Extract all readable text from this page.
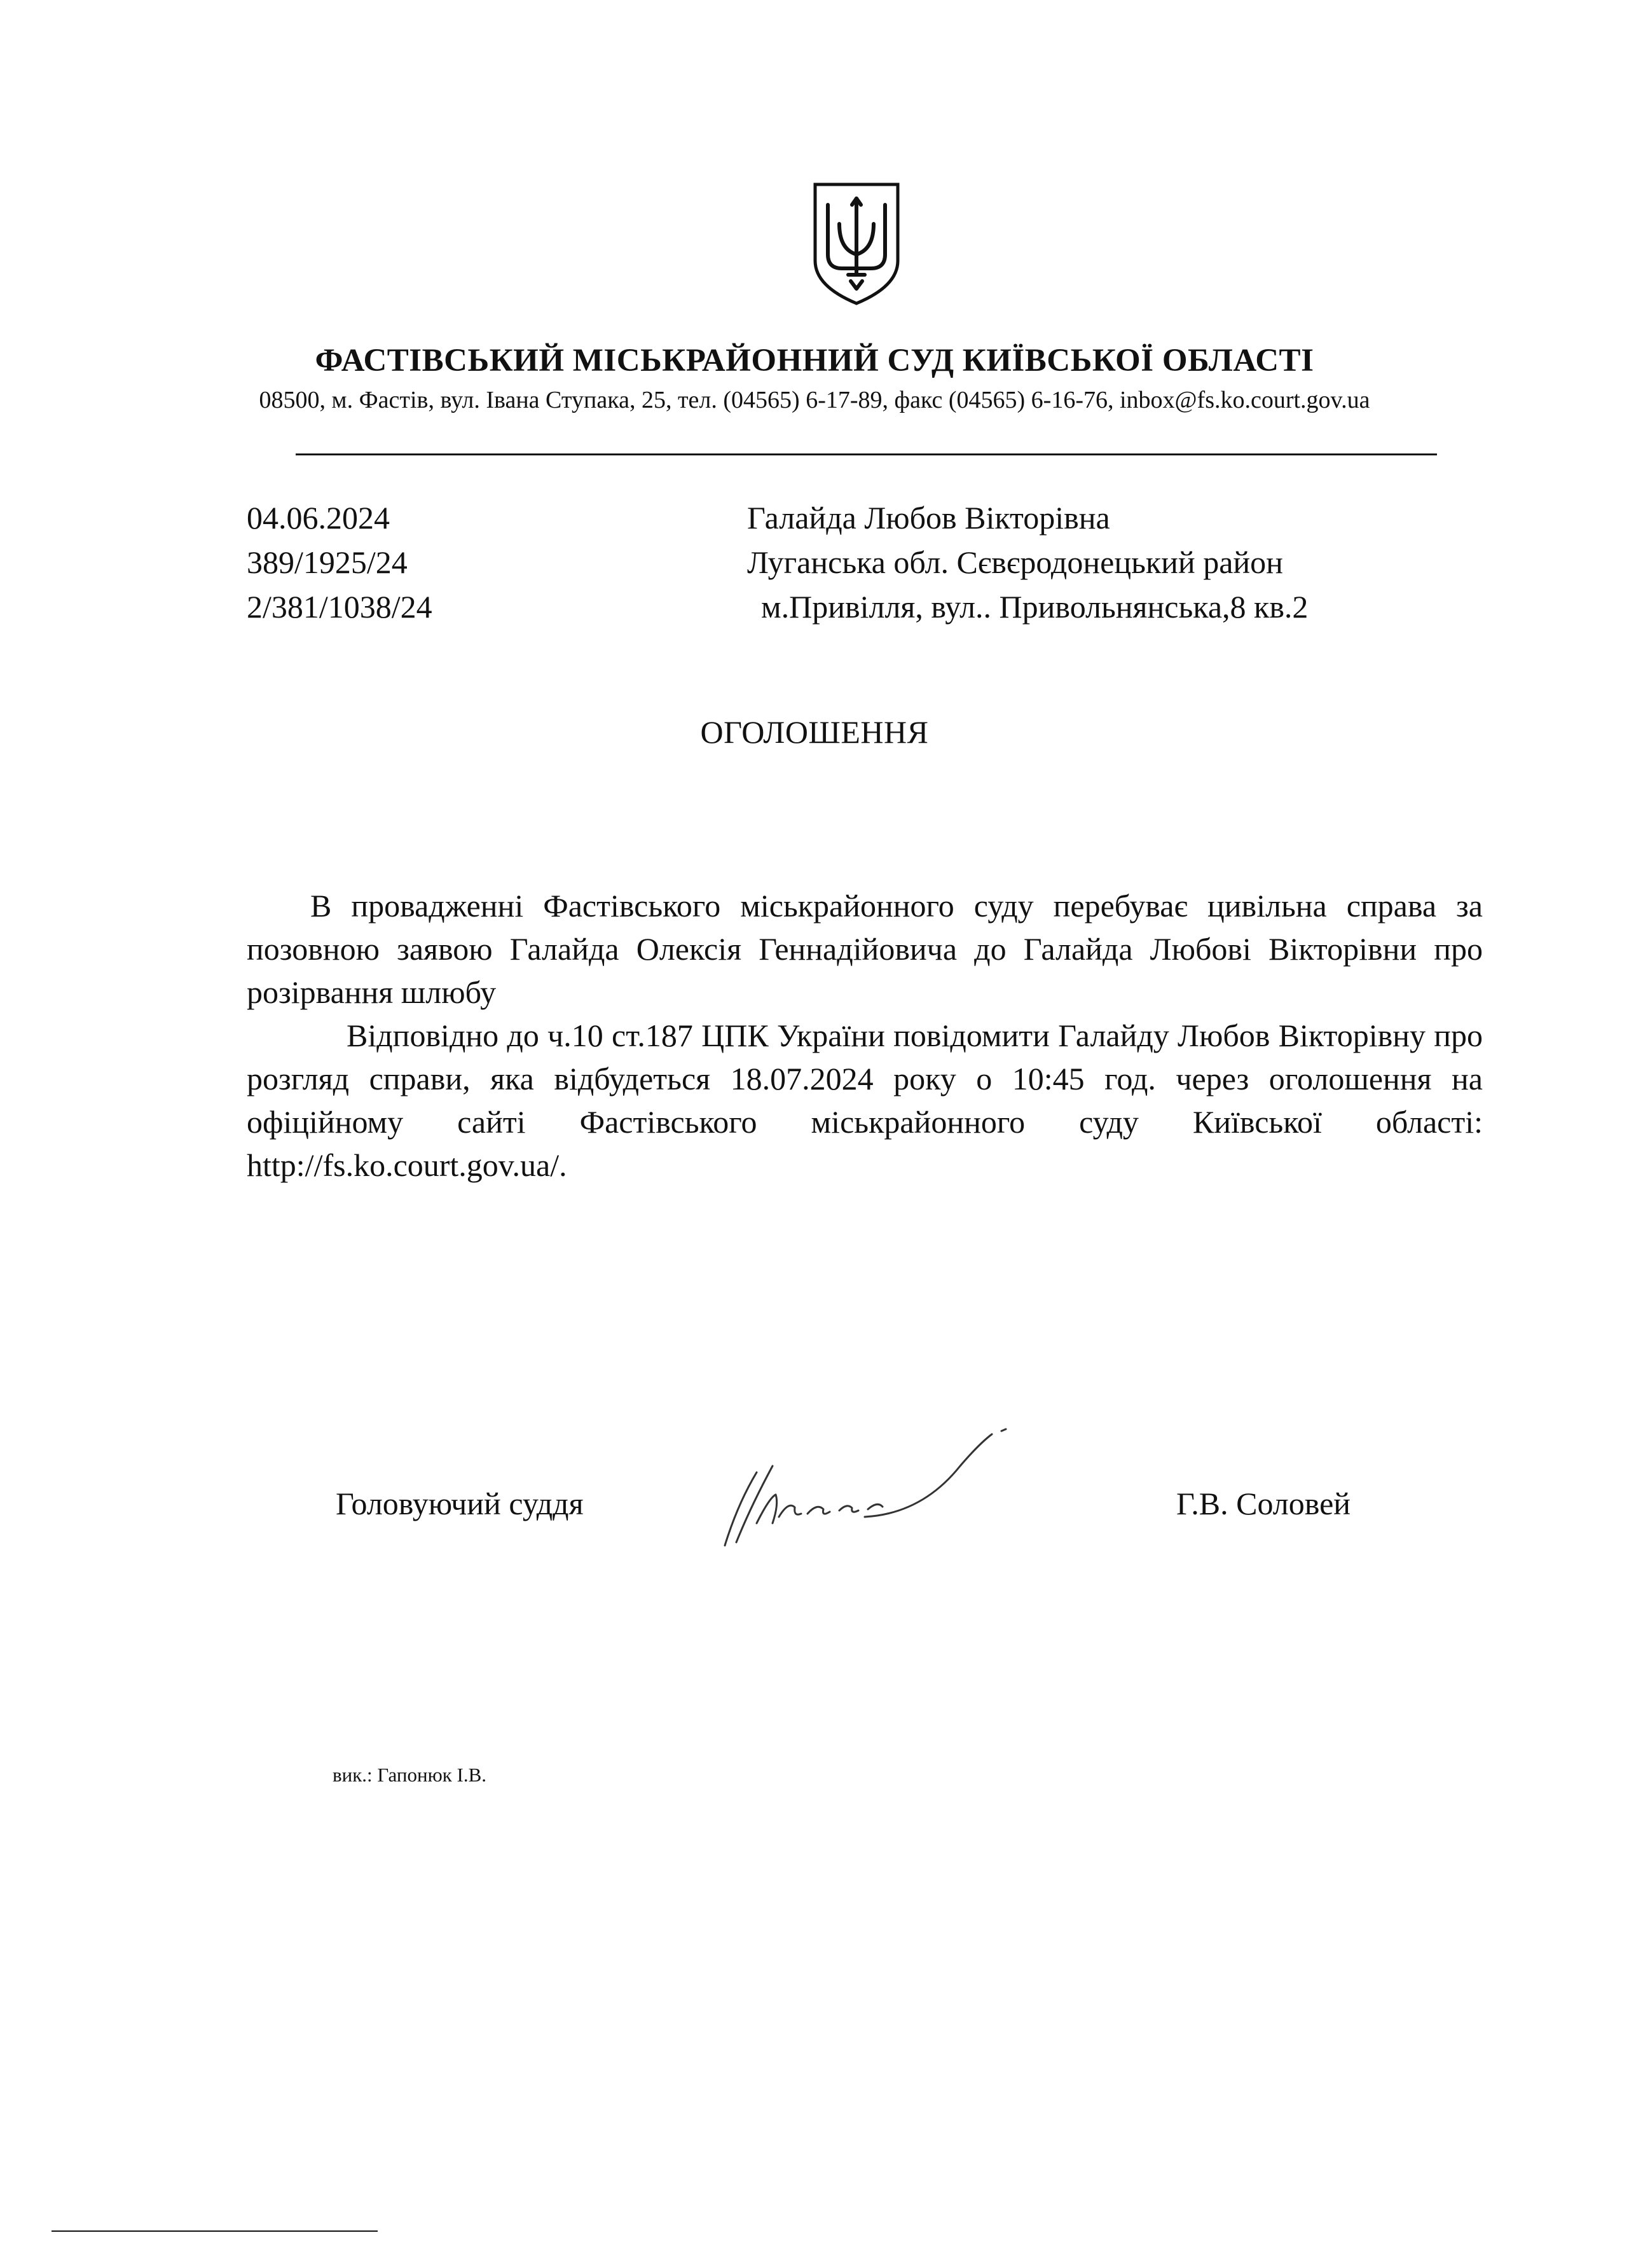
ФАСТІВСЬКИЙ МІСЬКРАЙОННИЙ СУД КИЇВСЬКОЇ ОБЛАСТІ
08500, м. Фастів, вул. Івана Ступака, 25, тел. (04565) 6-17-89, факс (04565) 6-16-76, inbox@fs.ko.court.gov.ua
04.06.2024
389/1925/24
2/381/1038/24
Галайда Любов Вікторівна
Луганська обл. Сєвєродонецький район
м.Привілля, вул.. Привольнянська,8 кв.2
ОГОЛОШЕННЯ

В провадженні Фастівського міськрайонного суду перебуває цивільна справа за позовною заявою Галайда Олексія Геннадійовича до Галайда Любові Вікторівни про розірвання шлюбу

Відповідно до ч.10 ст.187 ЦПК України повідомити Галайду Любов Вікторівну про розгляд справи, яка відбудеться 18.07.2024 року о 10:45 год. через оголошення на офіційному сайті Фастівського міськрайонного суду Київської області: http://fs.ko.court.gov.ua/.

Головуючий суддя	Г.В. Соловей
вик.: Гапонюк І.В.
